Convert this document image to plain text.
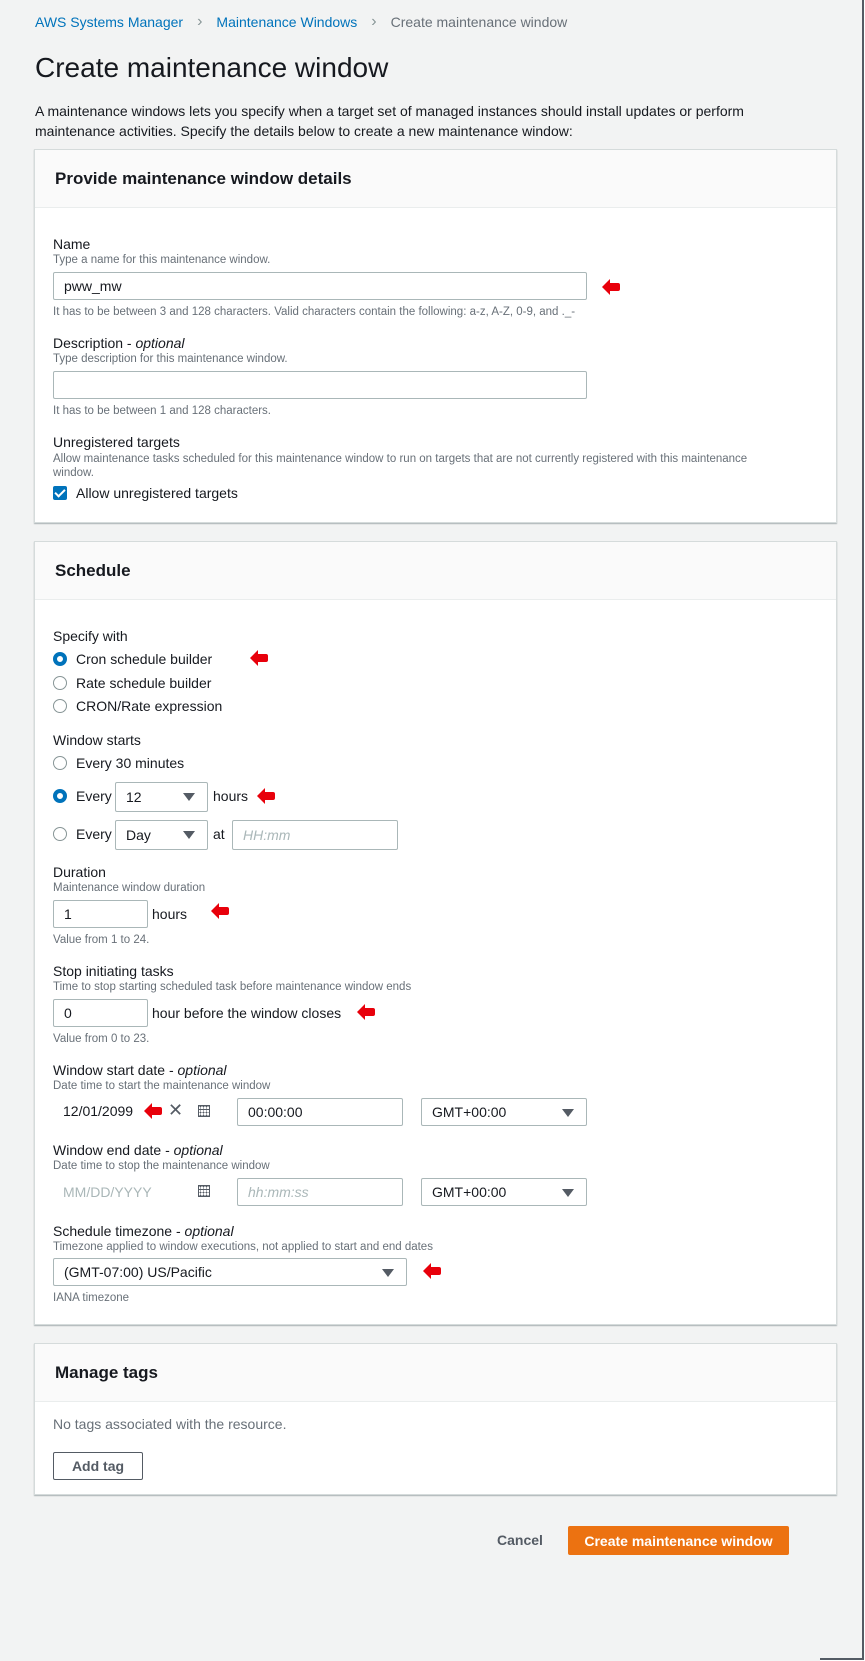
AWS Systems Manager › Maintenance Windows › Create maintenance window
Create maintenance window
A maintenance windows lets you specify when a target set of managed instances should install updates or perform maintenance activities. Specify the details below to create a new maintenance window:
Provide maintenance window details
Name
Type a name for this maintenance window.
pww_mw
It has to be between 3 and 128 characters. Valid characters contain the following: a-z, A-Z, 0-9, and ._-
Description - optional
Type description for this maintenance window.
It has to be between 1 and 128 characters.
Unregistered targets
Allow maintenance tasks scheduled for this maintenance window to run on targets that are not currently registered with this maintenance window.
Allow unregistered targets
Schedule
Specify with
Cron schedule builder
Rate schedule builder
CRON/Rate expression
Window starts
Every 30 minutes
Every 12	hours
Every Day	at	HH:mm
Duration
Maintenance window duration
1	hours
Value from 1 to 24.
Stop initiating tasks
Time to stop starting scheduled task before maintenance window ends
0	hour before the window closes
Value from 0 to 23.
Window start date - optional
Date time to start the maintenance window
12/01/2099 ✕	00:00:00	GMT+00:00
Window end date - optional
Date time to stop the maintenance window
MM/DD/YYYY	hh:mm:ss	GMT+00:00
Schedule timezone - optional
Timezone applied to window executions, not applied to start and end dates
(GMT-07:00) US/Pacific
IANA timezone
Manage tags
No tags associated with the resource.
Add tag
Cancel	Create maintenance window
